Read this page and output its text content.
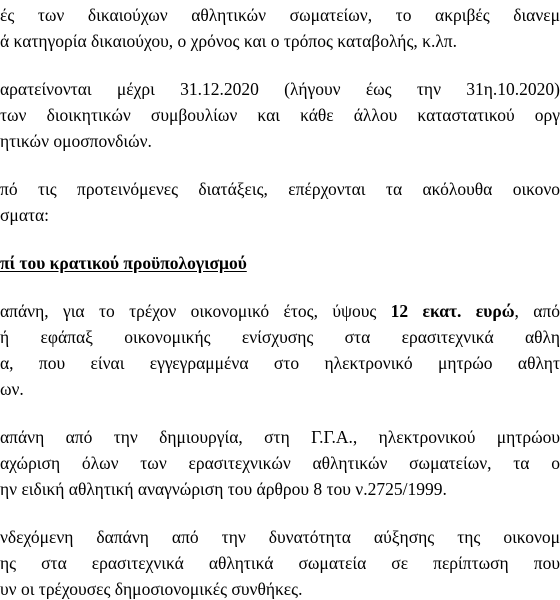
ές των δικαιούχων αθλητικών σωματείων, το ακριβές διανεμ
ά κατηγορία δικαιούχου, ο χρόνος και ο τρόπος καταβολής, κ.λπ.
αρατείνονται μέχρι 31.12.2020 (λήγουν έως την 31η.10.2020)
των διοικητικών συμβουλίων και κάθε άλλου καταστατικού οργ
ητικών ομοσπονδιών.
πό τις προτεινόμενες διατάξεις, επέρχονται τα ακόλουθα οικονο
σματα:
πί του κρατικού προϋπολογισμού
απάνη, για το τρέχον οικονομικό έτος, ύψους 12 εκατ. ευρώ, από
ή εφάπαξ οικονομικής ενίσχυσης στα ερασιτεχνικά αθλη
α, που είναι εγγεγραμμένα στο ηλεκτρονικό μητρώο αθλητ
ων.
απάνη από την δημιουργία, στη Γ.Γ.Α., ηλεκτρονικού μητρώου
αχώριση όλων των ερασιτεχνικών αθλητικών σωματείων, τα ο
ην ειδική αθλητική αναγνώριση του άρθρου 8 του ν.2725/1999.
νδεχόμενη δαπάνη από την δυνατότητα αύξησης της οικονομ
ης στα ερασιτεχνικά αθλητικά σωματεία σε περίπτωση που
υν οι τρέχουσες δημοσιονομικές συνθήκες.
